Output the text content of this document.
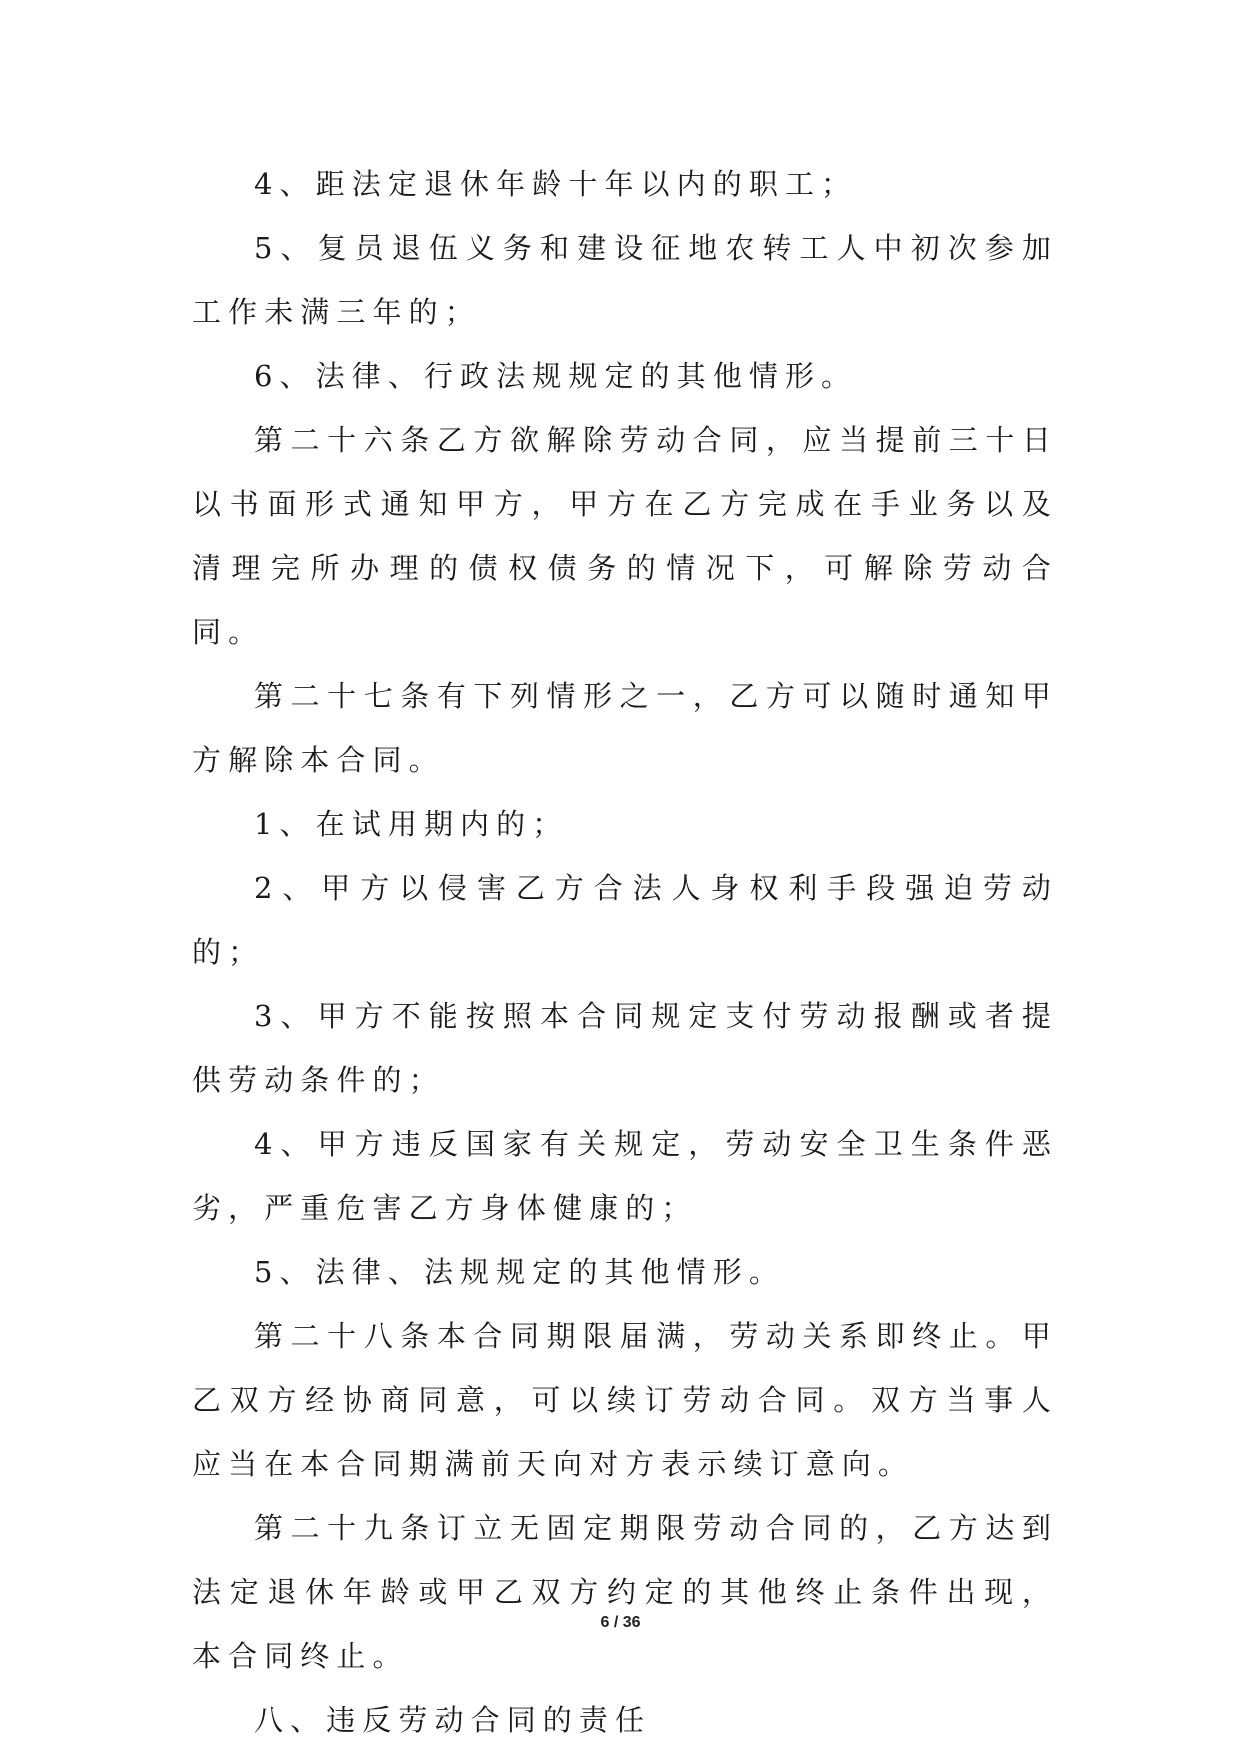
4、距法定退休年龄十年以内的职工；

5、复员退伍义务和建设征地农转工人中初次参加工作未满三年的；

6、法律、行政法规规定的其他情形。

第二十六条乙方欲解除劳动合同，应当提前三十日以书面形式通知甲方，甲方在乙方完成在手业务以及清理完所办理的债权债务的情况下，可解除劳动合同。

第二十七条有下列情形之一，乙方可以随时通知甲方解除本合同。

1、在试用期内的；

2、甲方以侵害乙方合法人身权利手段强迫劳动的；

3、甲方不能按照本合同规定支付劳动报酬或者提供劳动条件的；

4、甲方违反国家有关规定，劳动安全卫生条件恶劣，严重危害乙方身体健康的；

5、法律、法规规定的其他情形。

第二十八条本合同期限届满，劳动关系即终止。甲乙双方经协商同意，可以续订劳动合同。双方当事人应当在本合同期满前天向对方表示续订意向。

第二十九条订立无固定期限劳动合同的，乙方达到法定退休年龄或甲乙双方约定的其他终止条件出现，本合同终止。

八、违反劳动合同的责任

6 / 36
